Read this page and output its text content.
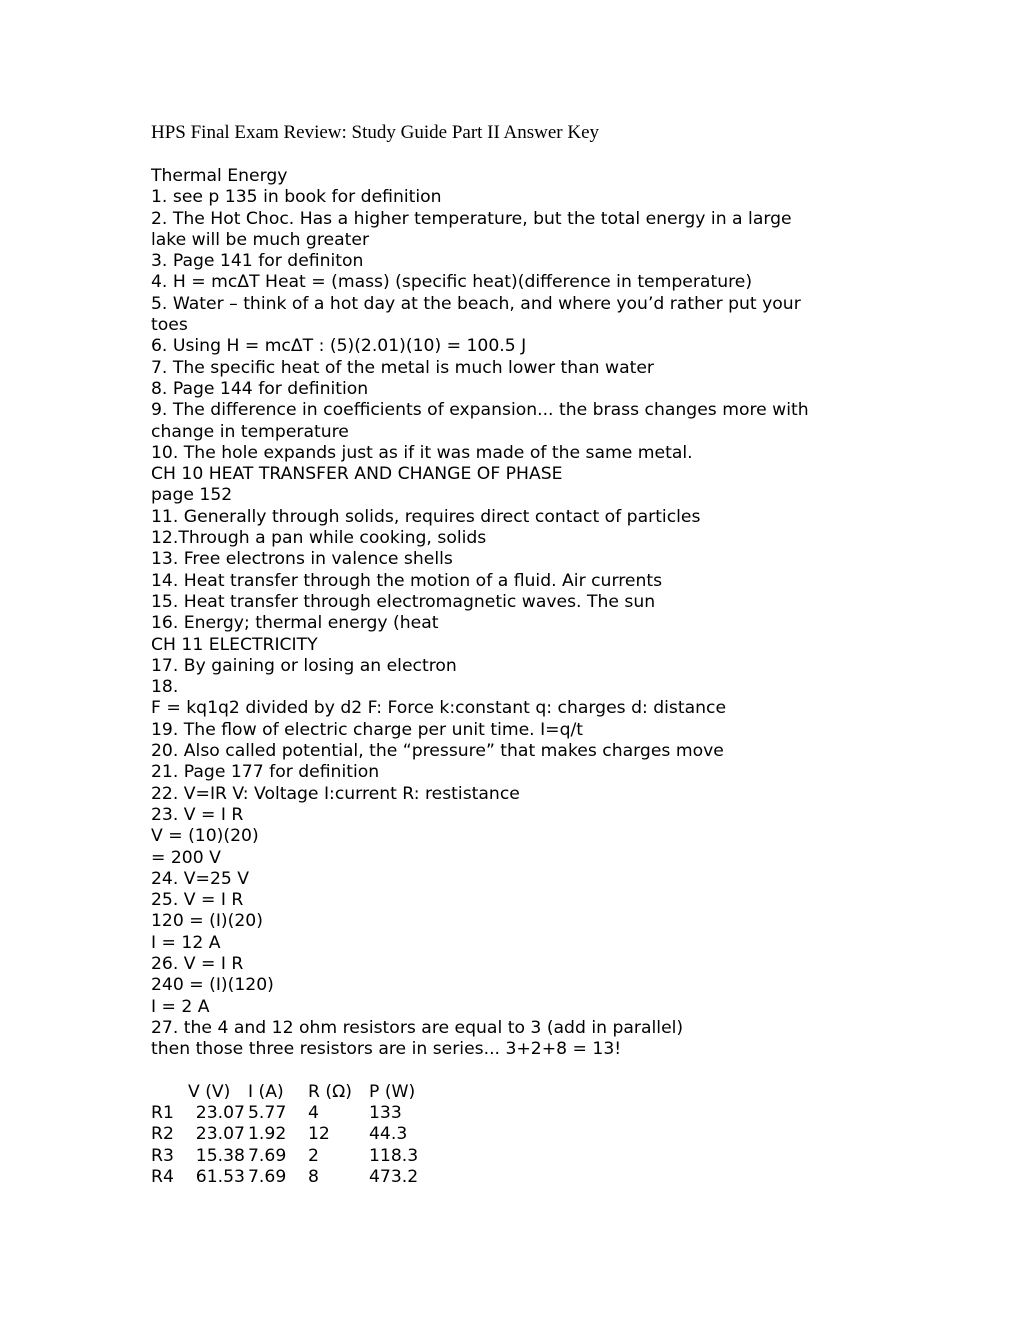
HPS Final Exam Review: Study Guide Part II Answer Key
Thermal Energy
1. see p 135 in book for definition
2. The Hot Choc. Has a higher temperature, but the total energy in a large
lake will be much greater
3. Page 141 for definiton
4. H = mcΔT Heat = (mass) (specific heat)(difference in temperature)
5. Water – think of a hot day at the beach, and where you’d rather put your
toes
6. Using H = mcΔT : (5)(2.01)(10) = 100.5 J
7. The specific heat of the metal is much lower than water
8. Page 144 for definition
9. The difference in coefficients of expansion... the brass changes more with
change in temperature
10. The hole expands just as if it was made of the same metal.
CH 10 HEAT TRANSFER AND CHANGE OF PHASE
page 152
11. Generally through solids, requires direct contact of particles
12.Through a pan while cooking, solids
13. Free electrons in valence shells
14. Heat transfer through the motion of a fluid. Air currents
15. Heat transfer through electromagnetic waves. The sun
16. Energy; thermal energy (heat
CH 11 ELECTRICITY
17. By gaining or losing an electron
18.
F = kq1q2 divided by d2 F: Force k:constant q: charges d: distance
19. The flow of electric charge per unit time. I=q/t
20. Also called potential, the “pressure” that makes charges move
21. Page 177 for definition
22. V=IR V: Voltage I:current R: restistance
23. V = I R
V = (10)(20)
= 200 V
24. V=25 V
25. V = I R
120 = (I)(20)
I = 12 A
26. V = I R
240 = (I)(120)
I = 2 A
27. the 4 and 12 ohm resistors are equal to 3 (add in parallel)
then those three resistors are in series... 3+2+8 = 13!
	V (V)	I (A)	R (Ω)	P (W)
R1	23.07	5.77	4	133
R2	23.07	1.92	12	44.3
R3	15.38	7.69	2	118.3
R4	61.53	7.69	8	473.2
